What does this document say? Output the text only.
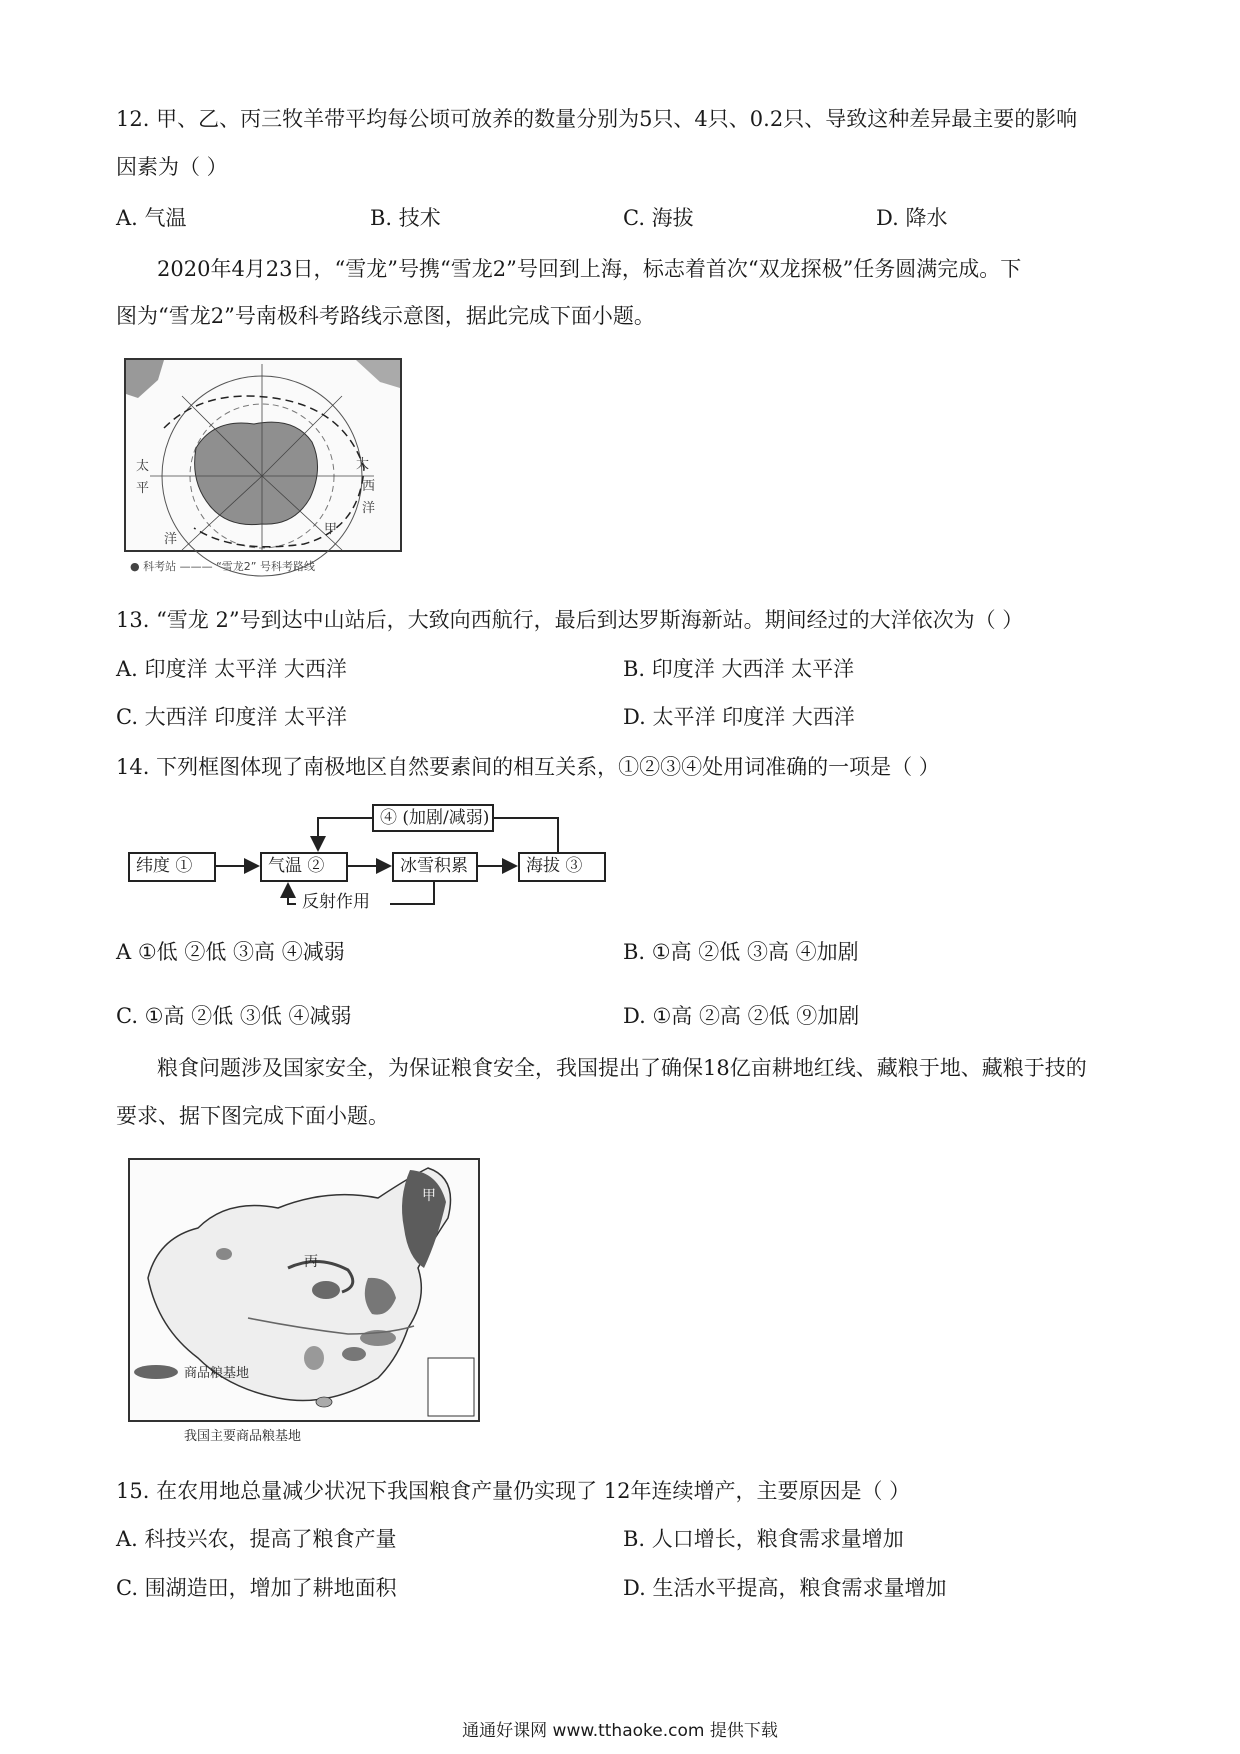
12. 甲、乙、丙三牧羊带平均每公顷可放养的数量分别为5只、4只、0.2只、导致这种差异最主要的影响
因素为（ ）
A. 气温	B. 技术	C. 海拔	D. 降水
2020年4月23日，“雪龙”号携“雪龙2”号回到上海，标志着首次“双龙探极”任务圆满完成。下
图为“雪龙2”号南极科考路线示意图，据此完成下面小题。
太
平
洋
大
西
洋
甲
● 科考站 ——— “雪龙2” 号科考路线
13. “雪龙 2”号到达中山站后，大致向西航行，最后到达罗斯海新站。期间经过的大洋依次为（ ）
A. 印度洋 太平洋 大西洋	B. 印度洋 大西洋 太平洋
C. 大西洋 印度洋 太平洋	D. 太平洋 印度洋 大西洋
14. 下列框图体现了南极地区自然要素间的相互关系，①②③④处用词准确的一项是（ ）
纬度 ①	气温 ②	冰雪积累	海拔 ③
④ (加剧/减弱)
反射作用
A ①低 ②低 ③高 ④减弱	B. ①高 ②低 ③高 ④加剧
C. ①高 ②低 ③低 ④减弱	D. ①高 ②高 ②低 ⑨加剧
粮食问题涉及国家安全，为保证粮食安全，我国提出了确保18亿亩耕地红线、藏粮于地、藏粮于技的
要求、据下图完成下面小题。
甲
丙
商品粮基地
我国主要商品粮基地
15. 在农用地总量减少状况下我国粮食产量仍实现了 12年连续增产，主要原因是（ ）
A. 科技兴农，提高了粮食产量	B. 人口增长，粮食需求量增加
C. 围湖造田，增加了耕地面积	D. 生活水平提高，粮食需求量增加
通通好课网 www.tthaoke.com 提供下载
